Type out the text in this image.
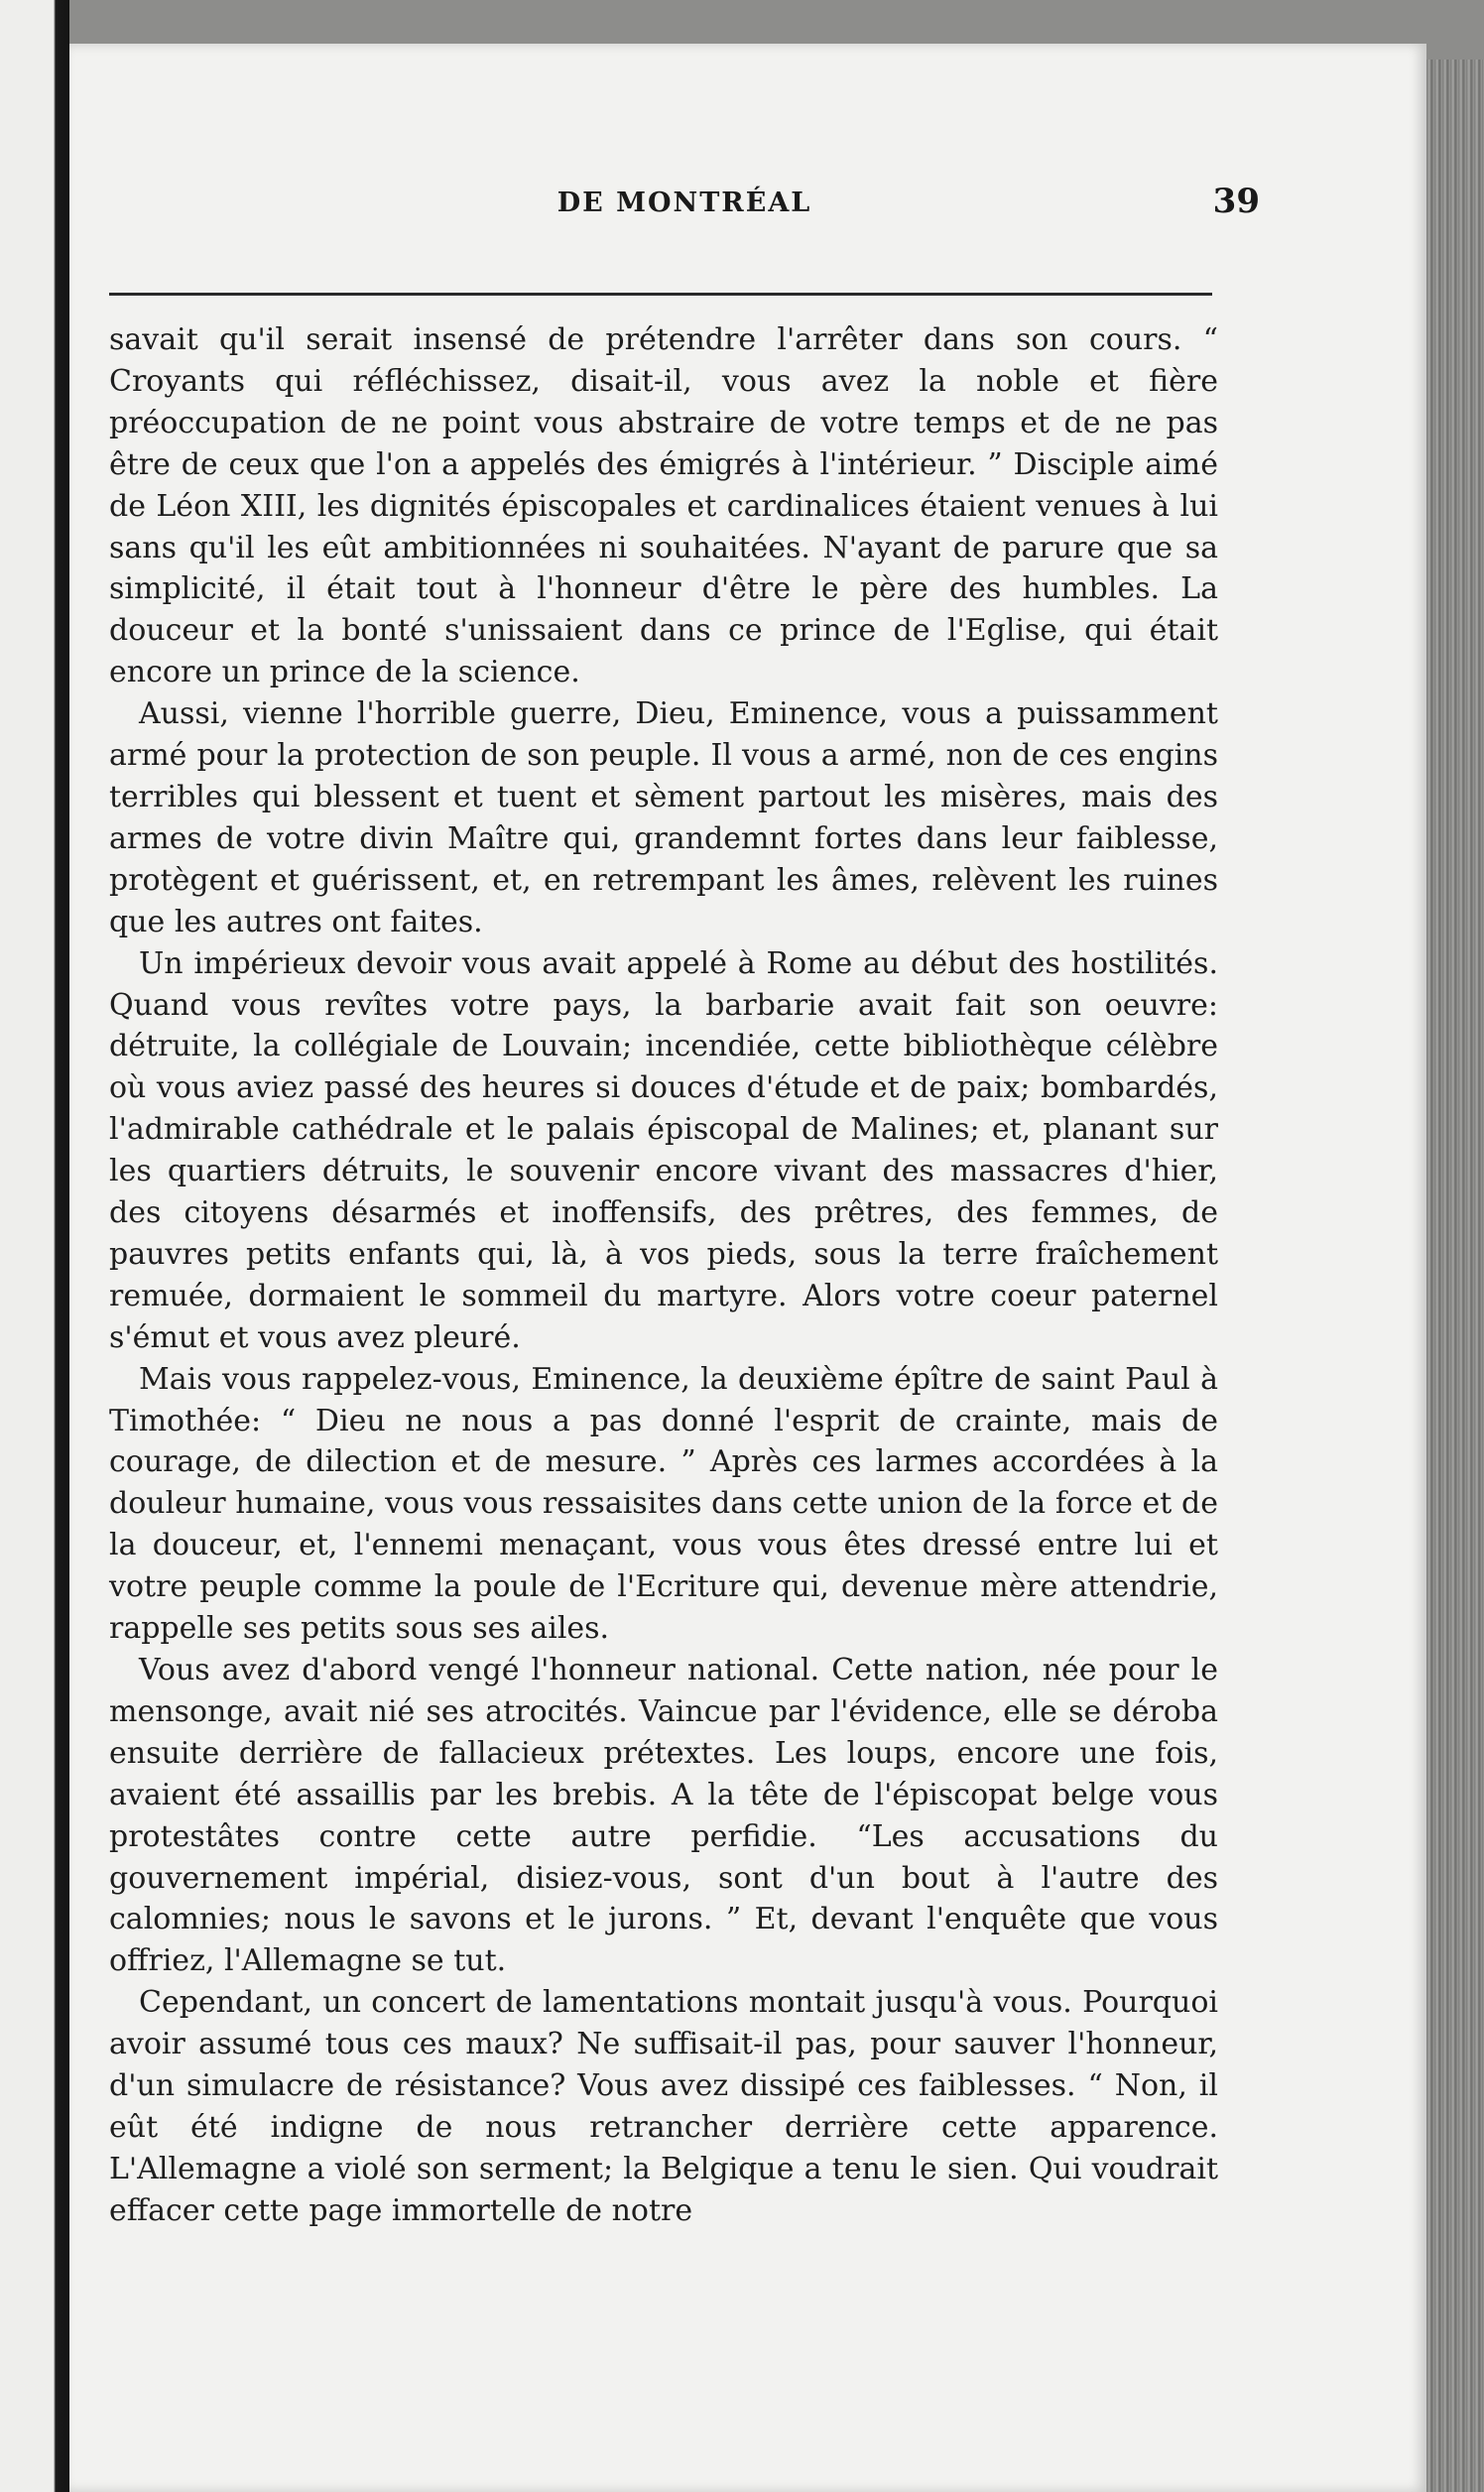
DE MONTRÉAL	39

savait qu'il serait insensé de prétendre l'arrêter dans son cours. “ Croyants qui réfléchissez, disait-il, vous avez la noble et fière préoccupation de ne point vous abstraire de votre temps et de ne pas être de ceux que l'on a appelés des émigrés à l'intérieur. ” Disciple aimé de Léon XIII, les dignités épiscopales et cardinalices étaient venues à lui sans qu'il les eût ambitionnées ni souhaitées. N'ayant de parure que sa simplicité, il était tout à l'honneur d'être le père des humbles. La douceur et la bonté s'unissaient dans ce prince de l'Eglise, qui était encore un prince de la science.

Aussi, vienne l'horrible guerre, Dieu, Eminence, vous a puissamment armé pour la protection de son peuple. Il vous a armé, non de ces engins terribles qui blessent et tuent et sèment partout les misères, mais des armes de votre divin Maître qui, grandemnt fortes dans leur faiblesse, protègent et guérissent, et, en retrempant les âmes, relèvent les ruines que les autres ont faites.

Un impérieux devoir vous avait appelé à Rome au début des hostilités. Quand vous revîtes votre pays, la barbarie avait fait son oeuvre: détruite, la collégiale de Louvain; incendiée, cette bibliothèque célèbre où vous aviez passé des heures si douces d'étude et de paix; bombardés, l'admirable cathédrale et le palais épiscopal de Malines; et, planant sur les quartiers détruits, le souvenir encore vivant des massacres d'hier, des citoyens désarmés et inoffensifs, des prêtres, des femmes, de pauvres petits enfants qui, là, à vos pieds, sous la terre fraîchement remuée, dormaient le sommeil du martyre. Alors votre coeur paternel s'émut et vous avez pleuré.

Mais vous rappelez-vous, Eminence, la deuxième épître de saint Paul à Timothée: “ Dieu ne nous a pas donné l'esprit de crainte, mais de courage, de dilection et de mesure. ” Après ces larmes accordées à la douleur humaine, vous vous ressaisites dans cette union de la force et de la douceur, et, l'ennemi menaçant, vous vous êtes dressé entre lui et votre peuple comme la poule de l'Ecriture qui, devenue mère attendrie, rappelle ses petits sous ses ailes.

Vous avez d'abord vengé l'honneur national. Cette nation, née pour le mensonge, avait nié ses atrocités. Vaincue par l'évidence, elle se déroba ensuite derrière de fallacieux prétextes. Les loups, encore une fois, avaient été assaillis par les brebis. A la tête de l'épiscopat belge vous protestâtes contre cette autre perfidie. “Les accusations du gouvernement impérial, disiez-vous, sont d'un bout à l'autre des calomnies; nous le savons et le jurons. ” Et, devant l'enquête que vous offriez, l'Allemagne se tut.

Cependant, un concert de lamentations montait jusqu'à vous. Pourquoi avoir assumé tous ces maux? Ne suffisait-il pas, pour sauver l'honneur, d'un simulacre de résistance? Vous avez dissipé ces faiblesses. “ Non, il eût été indigne de nous retrancher derrière cette apparence. L'Allemagne a violé son serment; la Belgique a tenu le sien. Qui voudrait effacer cette page immortelle de notre
